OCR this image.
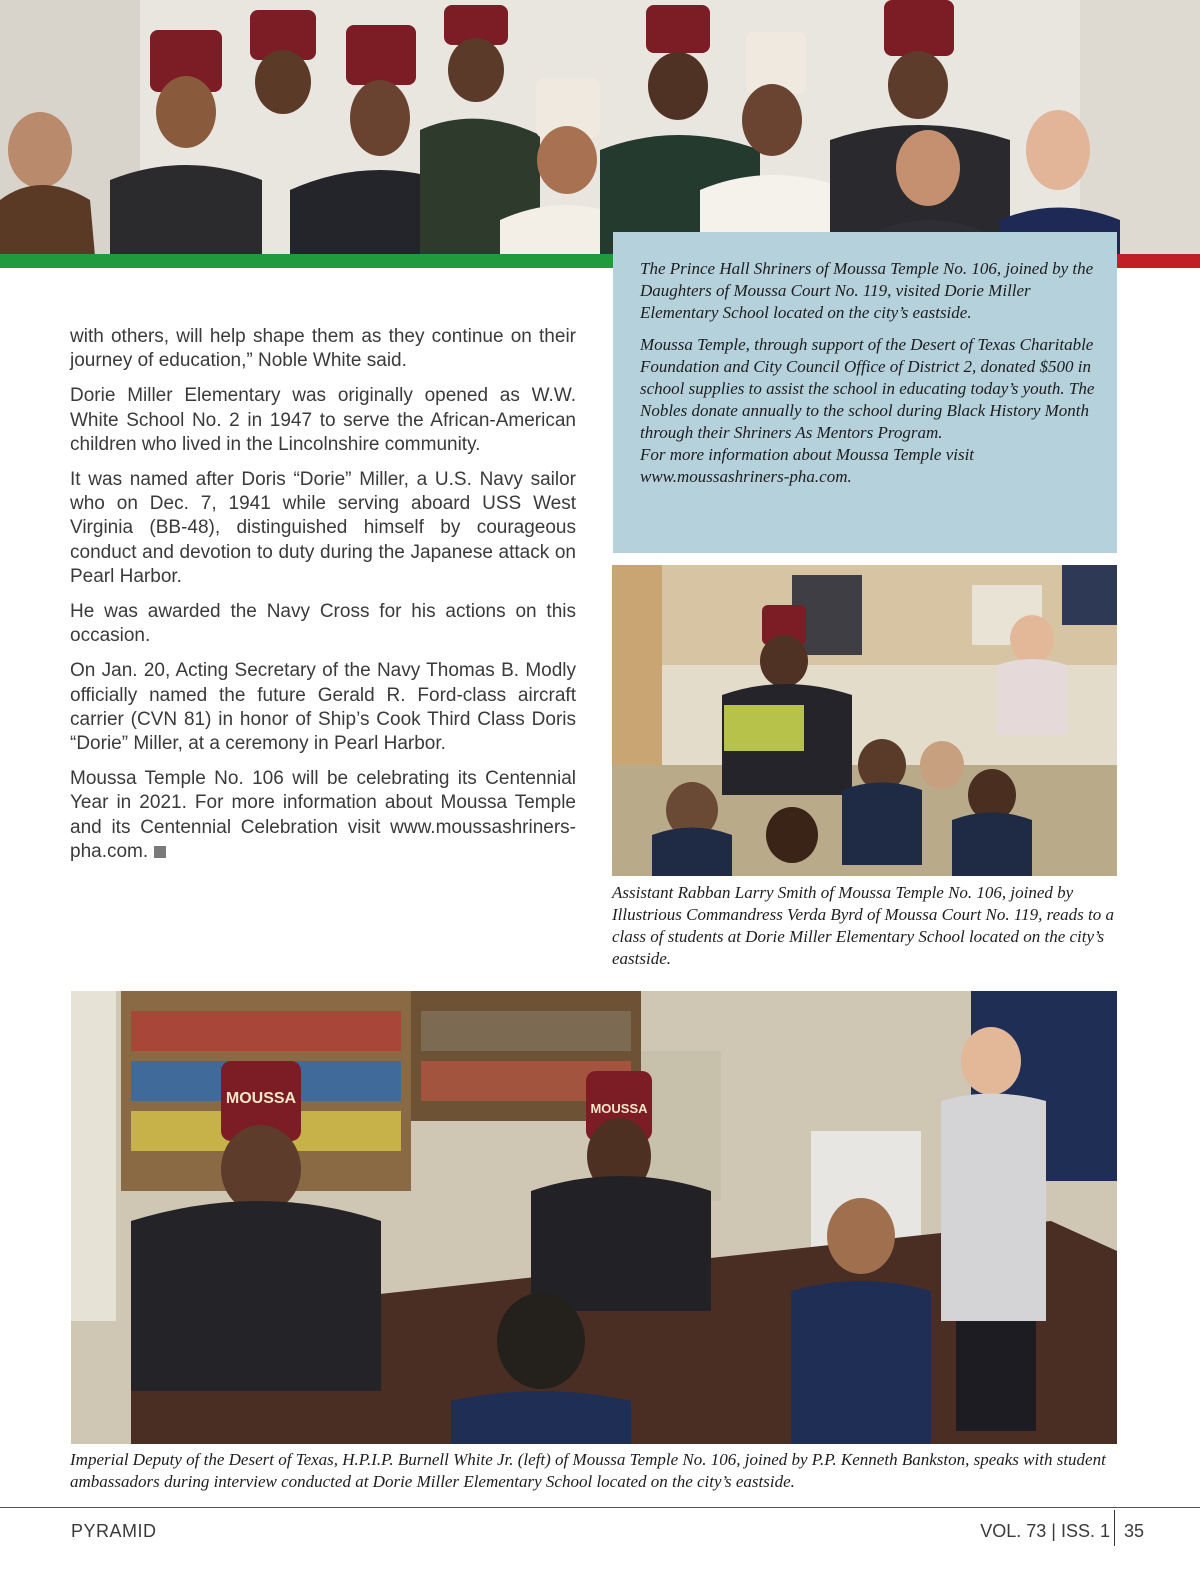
The Prince Hall Shriners of Moussa Temple No. 106, joined by the Daughters of Moussa Court No. 119, visited Dorie Miller Elementary School located on the city’s eastside.

Moussa Temple, through support of the Desert of Texas Charitable Foundation and City Council Office of District 2, donated $500 in school supplies to assist the school in educating today’s youth. The Nobles donate annually to the school during Black History Month through their Shriners As Mentors Program.

For more information about Moussa Temple visit www.moussashriners-pha.com.

with others, will help shape them as they continue on their journey of education,” Noble White said.

Dorie Miller Elementary was originally opened as W.W. White School No. 2 in 1947 to serve the African-American children who lived in the Lincolnshire community.

It was named after Doris “Dorie” Miller, a U.S. Navy sailor who on Dec. 7, 1941 while serving aboard USS West Virginia (BB-48), distinguished himself by courageous conduct and devotion to duty during the Japanese attack on Pearl Harbor.

He was awarded the Navy Cross for his actions on this occasion.

On Jan. 20, Acting Secretary of the Navy Thomas B. Modly officially named the future Gerald R. Ford-class aircraft carrier (CVN 81) in honor of Ship’s Cook Third Class Doris “Dorie” Miller, at a ceremony in Pearl Harbor.

Moussa Temple No. 106 will be celebrating its Centennial Year in 2021. For more information about Moussa Temple and its Centennial Celebration visit www.moussashriners-pha.com.

Assistant Rabban Larry Smith of Moussa Temple No. 106, joined by Illustrious Commandress Verda Byrd of Moussa Court No. 119, reads to a class of students at Dorie Miller Elementary School located on the city’s eastside.
MOUSSA
MOUSSA
Imperial Deputy of the Desert of Texas, H.P.I.P. Burnell White Jr. (left) of Moussa Temple No. 106, joined by P.P. Kenneth Bankston, speaks with student ambassadors during interview conducted at Dorie Miller Elementary School located on the city’s eastside.
PYRAMID	VOL. 73 | ISS. 1 35
